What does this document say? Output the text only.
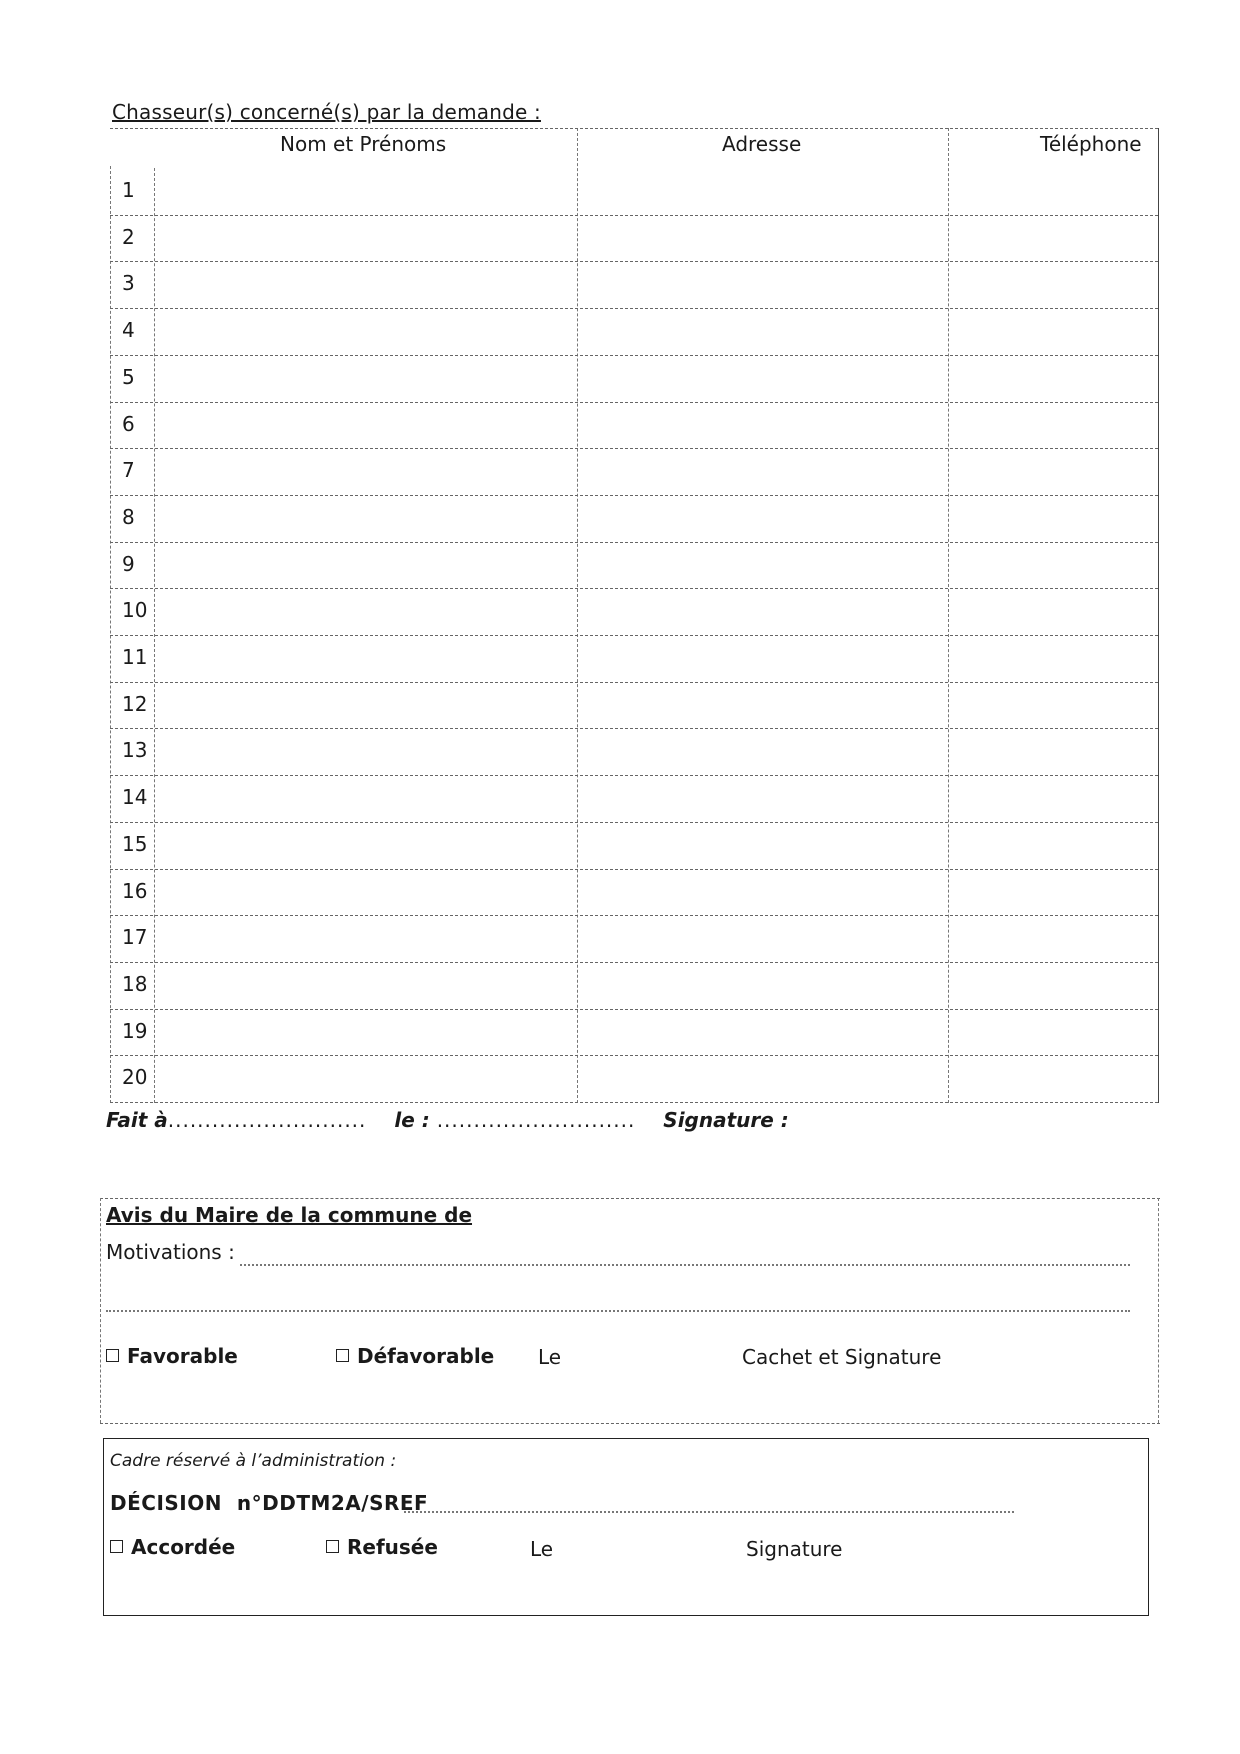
Chasseur(s) concerné(s) par la demande :
Nom et Prénoms	Adresse	Téléphone
1
2
3
4
5
6
7
8
9
10
11
12
13
14
15
16
17
18
19
20
Fait à........................... le : ........................... Signature :
Avis du Maire de la commune de
Motivations :
Favorable	Défavorable Le	Cachet et Signature
Cadre réservé à l’administration :
DÉCISION n°DDTM2A/SREF
Accordée	Refusée	Le	Signature
